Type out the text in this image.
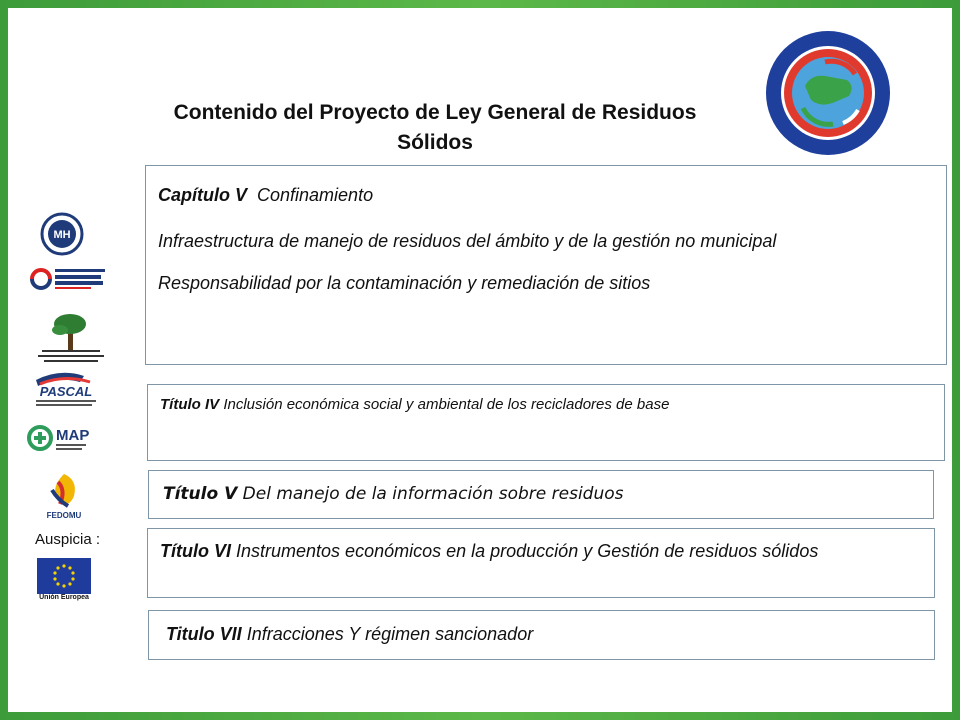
Contenido del Proyecto de Ley General de Residuos
Sólidos
MH
PASCAL
MAP
FEDOMU
Auspicia :
Unión Europea

Capítulo V Confinamiento

Infraestructura de manejo de residuos del ámbito y de la gestión no municipal

Responsabilidad por la contaminación y remediación de sitios

Título IV Inclusión económica social y ambiental de los recicladores de base

Título V Del manejo de la información sobre residuos

Título VI Instrumentos económicos en la producción y Gestión de residuos sólidos

Titulo VII Infracciones Y régimen sancionador
